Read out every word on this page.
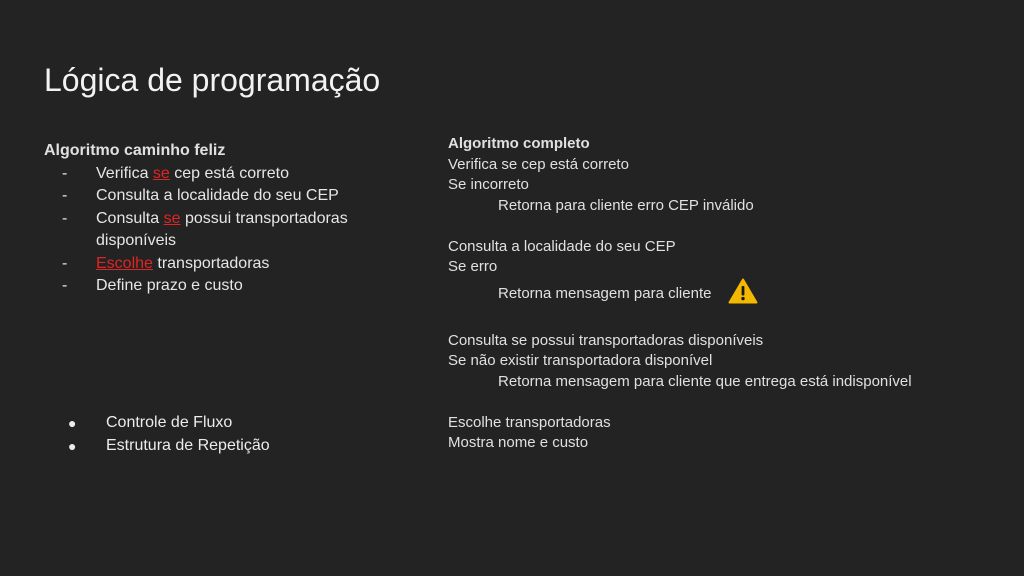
Lógica de programação
Algoritmo caminho feliz
- Verifica se cep está correto
- Consulta a localidade do seu CEP
- Consulta se possui transportadoras
disponíveis
- Escolhe transportadoras
- Define prazo e custo
Algoritmo completo
Verifica se cep está correto
Se incorreto
Retorna para cliente erro CEP inválido
Consulta a localidade do seu CEP
Se erro
Retorna mensagem para cliente
Consulta se possui transportadoras disponíveis
Se não existir transportadora disponível
Retorna mensagem para cliente que entrega está indisponível
Escolhe transportadoras
Mostra nome e custo
● Controle de Fluxo
● Estrutura de Repetição
